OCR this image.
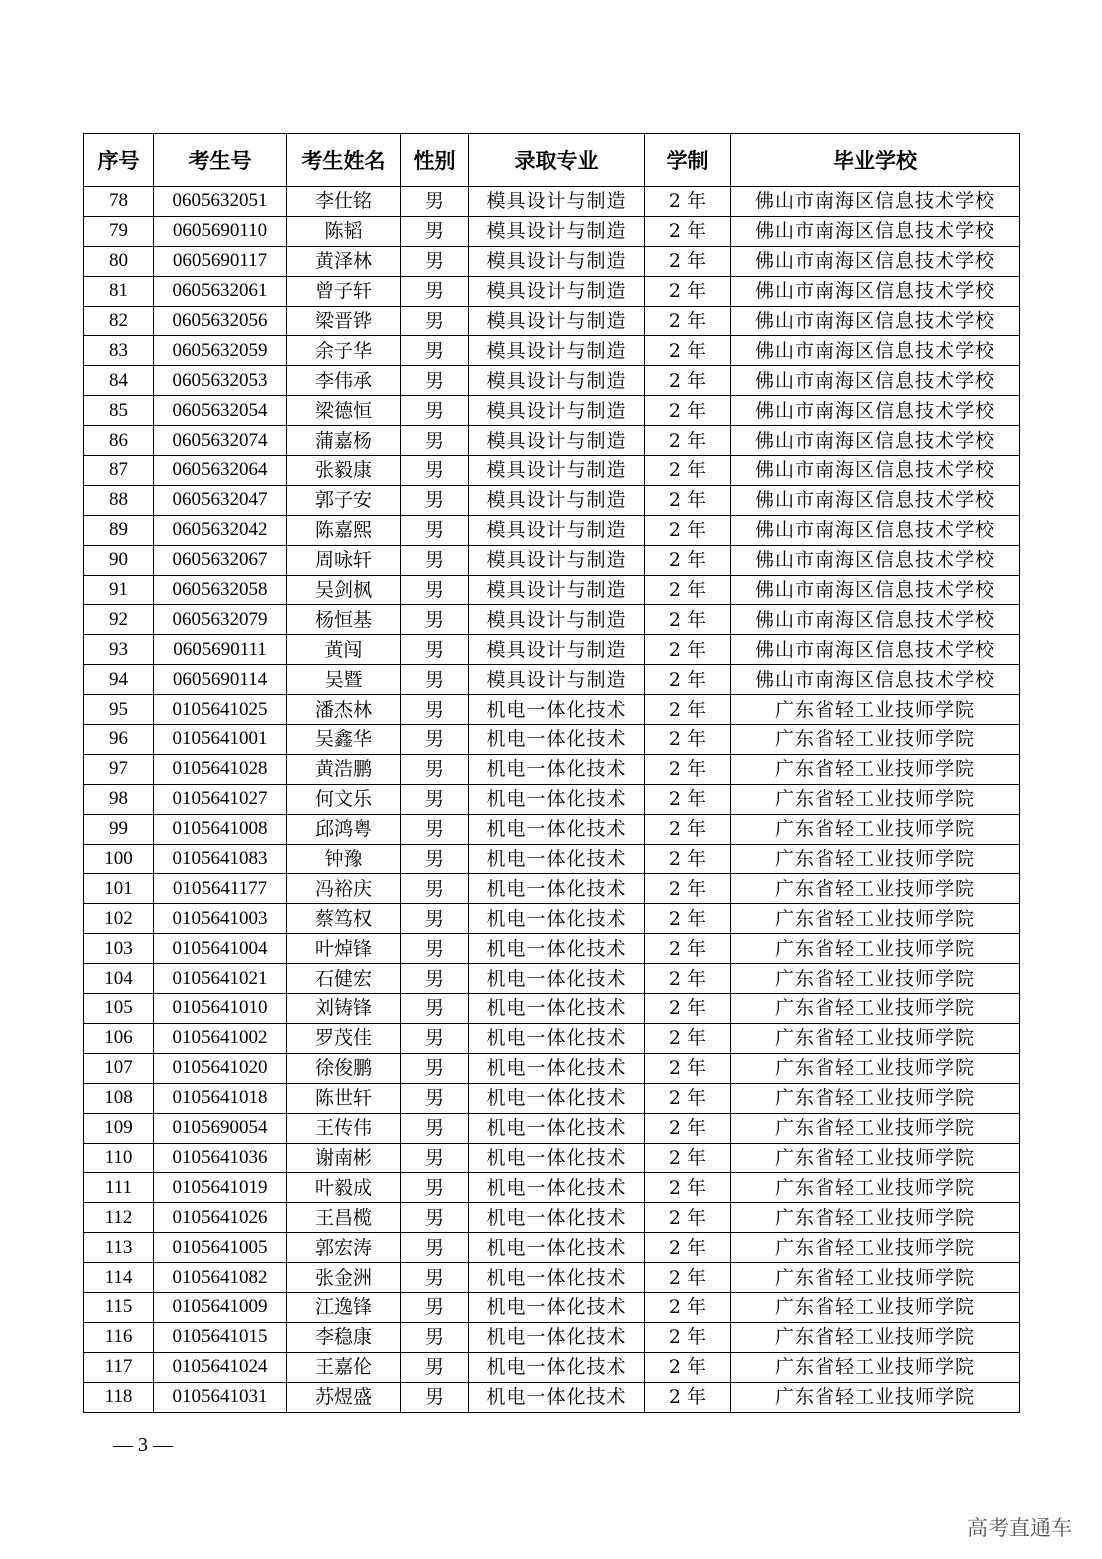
序号	考生号	考生姓名	性别	录取专业	学制	毕业学校
78	0605632051	李仕铭	男	模具设计与制造	2 年	佛山市南海区信息技术学校
79	0605690110	陈韬	男	模具设计与制造	2 年	佛山市南海区信息技术学校
80	0605690117	黄泽林	男	模具设计与制造	2 年	佛山市南海区信息技术学校
81	0605632061	曾子轩	男	模具设计与制造	2 年	佛山市南海区信息技术学校
82	0605632056	梁晋铧	男	模具设计与制造	2 年	佛山市南海区信息技术学校
83	0605632059	余子华	男	模具设计与制造	2 年	佛山市南海区信息技术学校
84	0605632053	李伟承	男	模具设计与制造	2 年	佛山市南海区信息技术学校
85	0605632054	梁德恒	男	模具设计与制造	2 年	佛山市南海区信息技术学校
86	0605632074	蒲嘉杨	男	模具设计与制造	2 年	佛山市南海区信息技术学校
87	0605632064	张毅康	男	模具设计与制造	2 年	佛山市南海区信息技术学校
88	0605632047	郭子安	男	模具设计与制造	2 年	佛山市南海区信息技术学校
89	0605632042	陈嘉熙	男	模具设计与制造	2 年	佛山市南海区信息技术学校
90	0605632067	周咏轩	男	模具设计与制造	2 年	佛山市南海区信息技术学校
91	0605632058	吴剑枫	男	模具设计与制造	2 年	佛山市南海区信息技术学校
92	0605632079	杨恒基	男	模具设计与制造	2 年	佛山市南海区信息技术学校
93	0605690111	黄闯	男	模具设计与制造	2 年	佛山市南海区信息技术学校
94	0605690114	吴暨	男	模具设计与制造	2 年	佛山市南海区信息技术学校
95	0105641025	潘杰林	男	机电一体化技术	2 年	广东省轻工业技师学院
96	0105641001	吴鑫华	男	机电一体化技术	2 年	广东省轻工业技师学院
97	0105641028	黄浩鹏	男	机电一体化技术	2 年	广东省轻工业技师学院
98	0105641027	何文乐	男	机电一体化技术	2 年	广东省轻工业技师学院
99	0105641008	邱鸿粤	男	机电一体化技术	2 年	广东省轻工业技师学院
100	0105641083	钟豫	男	机电一体化技术	2 年	广东省轻工业技师学院
101	0105641177	冯裕庆	男	机电一体化技术	2 年	广东省轻工业技师学院
102	0105641003	蔡笃权	男	机电一体化技术	2 年	广东省轻工业技师学院
103	0105641004	叶焯锋	男	机电一体化技术	2 年	广东省轻工业技师学院
104	0105641021	石健宏	男	机电一体化技术	2 年	广东省轻工业技师学院
105	0105641010	刘铸锋	男	机电一体化技术	2 年	广东省轻工业技师学院
106	0105641002	罗茂佳	男	机电一体化技术	2 年	广东省轻工业技师学院
107	0105641020	徐俊鹏	男	机电一体化技术	2 年	广东省轻工业技师学院
108	0105641018	陈世轩	男	机电一体化技术	2 年	广东省轻工业技师学院
109	0105690054	王传伟	男	机电一体化技术	2 年	广东省轻工业技师学院
110	0105641036	谢南彬	男	机电一体化技术	2 年	广东省轻工业技师学院
111	0105641019	叶毅成	男	机电一体化技术	2 年	广东省轻工业技师学院
112	0105641026	王昌榄	男	机电一体化技术	2 年	广东省轻工业技师学院
113	0105641005	郭宏涛	男	机电一体化技术	2 年	广东省轻工业技师学院
114	0105641082	张金洲	男	机电一体化技术	2 年	广东省轻工业技师学院
115	0105641009	江逸锋	男	机电一体化技术	2 年	广东省轻工业技师学院
116	0105641015	李稳康	男	机电一体化技术	2 年	广东省轻工业技师学院
117	0105641024	王嘉伦	男	机电一体化技术	2 年	广东省轻工业技师学院
118	0105641031	苏煜盛	男	机电一体化技术	2 年	广东省轻工业技师学院
— 3 —
高考直通车
